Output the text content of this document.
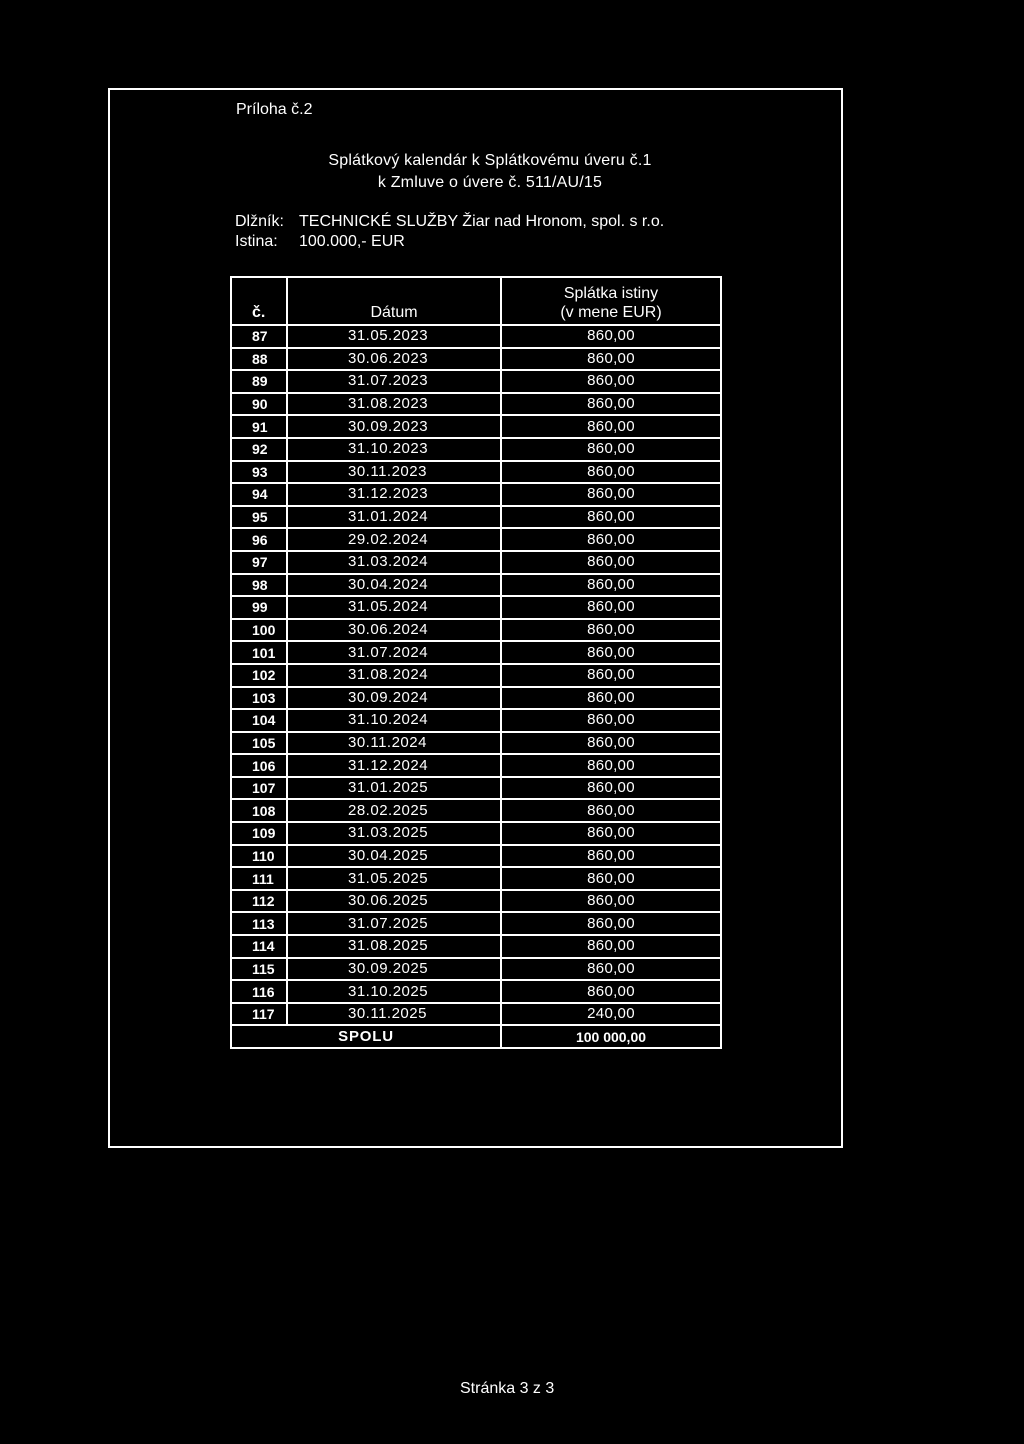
Príloha č.2
Splátkový kalendár k Splátkovému úveru č.1
k Zmluve o úvere č. 511/AU/15
Dlžník: TECHNICKÉ SLUŽBY Žiar nad Hronom, spol. s r.o.
Istina: 100.000,- EUR
č.	Dátum	Splátka istiny
(v mene EUR)

87	31.05.2023	860,00
88	30.06.2023	860,00
89	31.07.2023	860,00
90	31.08.2023	860,00
91	30.09.2023	860,00
92	31.10.2023	860,00
93	30.11.2023	860,00
94	31.12.2023	860,00
95	31.01.2024	860,00
96	29.02.2024	860,00
97	31.03.2024	860,00
98	30.04.2024	860,00
99	31.05.2024	860,00
100	30.06.2024	860,00
101	31.07.2024	860,00
102	31.08.2024	860,00
103	30.09.2024	860,00
104	31.10.2024	860,00
105	30.11.2024	860,00
106	31.12.2024	860,00
107	31.01.2025	860,00
108	28.02.2025	860,00
109	31.03.2025	860,00
110	30.04.2025	860,00
111	31.05.2025	860,00
112	30.06.2025	860,00
113	31.07.2025	860,00
114	31.08.2025	860,00
115	30.09.2025	860,00
116	31.10.2025	860,00
117	30.11.2025	240,00
SPOLU		100 000,00
Stránka 3 z 3
